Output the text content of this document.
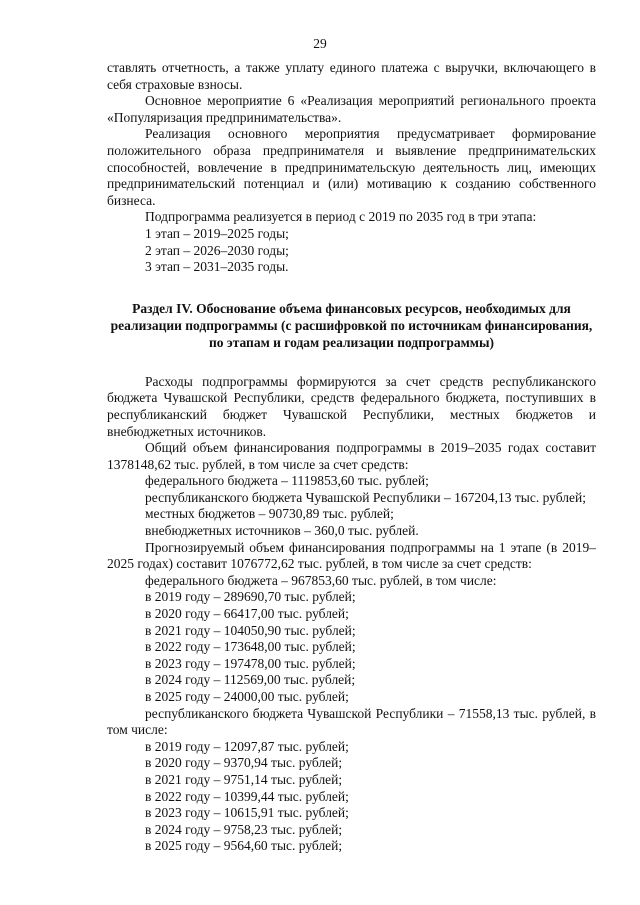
29

ставлять отчетность, а также уплату единого платежа с выручки, включающего в себя страховые взносы.

Основное мероприятие 6 «Реализация мероприятий регионального проекта «Популяризация предпринимательства».

Реализация основного мероприятия предусматривает формирование положительного образа предпринимателя и выявление предпринимательских способностей, вовлечение в предпринимательскую деятельность лиц, имеющих предпринимательский потенциал и (или) мотивацию к созданию собственного бизнеса.

Подпрограмма реализуется в период с 2019 по 2035 год в три этапа:

1 этап – 2019–2025 годы;

2 этап – 2026–2030 годы;

3 этап – 2031–2035 годы.

Раздел IV. Обоснование объема финансовых ресурсов, необходимых для реализации подпрограммы (с расшифровкой по источникам финансирования, по этапам и годам реализации подпрограммы)

Расходы подпрограммы формируются за счет средств республиканского бюджета Чувашской Республики, средств федерального бюджета, поступивших в республиканский бюджет Чувашской Республики, местных бюджетов и внебюджетных источников.

Общий объем финансирования подпрограммы в 2019–2035 годах составит 1378148,62 тыс. рублей, в том числе за счет средств:

федерального бюджета – 1119853,60 тыс. рублей;

республиканского бюджета Чувашской Республики – 167204,13 тыс. рублей;

местных бюджетов – 90730,89 тыс. рублей;

внебюджетных источников – 360,0 тыс. рублей.

Прогнозируемый объем финансирования подпрограммы на 1 этапе (в 2019–2025 годах) составит 1076772,62 тыс. рублей, в том числе за счет средств:

федерального бюджета – 967853,60 тыс. рублей, в том числе:

в 2019 году – 289690,70 тыс. рублей;

в 2020 году – 66417,00 тыс. рублей;

в 2021 году – 104050,90 тыс. рублей;

в 2022 году – 173648,00 тыс. рублей;

в 2023 году – 197478,00 тыс. рублей;

в 2024 году – 112569,00 тыс. рублей;

в 2025 году – 24000,00 тыс. рублей;

республиканского бюджета Чувашской Республики – 71558,13 тыс. рублей, в том числе:

в 2019 году – 12097,87 тыс. рублей;

в 2020 году – 9370,94 тыс. рублей;

в 2021 году – 9751,14 тыс. рублей;

в 2022 году – 10399,44 тыс. рублей;

в 2023 году – 10615,91 тыс. рублей;

в 2024 году – 9758,23 тыс. рублей;

в 2025 году – 9564,60 тыс. рублей;
